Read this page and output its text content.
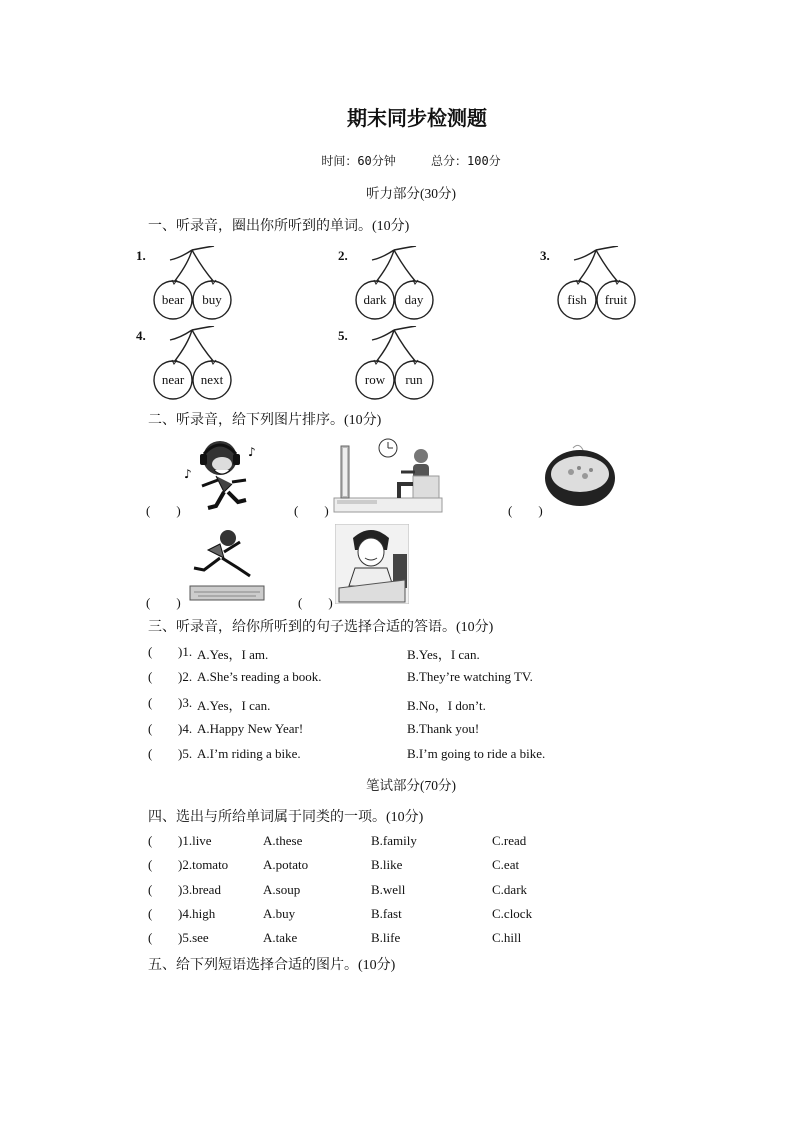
期末同步检测题
时间：60分钟	总分：100分
听力部分(30分)
一、听录音，圈出你所听到的单词。(10分)
1.
bear	buy
2.
dark	day
3.
fish	fruit
4.
near	next
5.
row	run
二、听录音，给下列图片排序。(10分)
♪
♪
(　　)	(　　)	(　　)
(　　)	(　　)
三、听录音，给你所听到的句子选择合适的答语。(10分)
( )1. A.Yes，I am.	B.Yes，I can.
( )2. A.She’s reading a book.	B.They’re watching TV.
( )3. A.Yes，I can.	B.No，I don’t.
( )4. A.Happy New Year!	B.Thank you!
( )5. A.I’m riding a bike.	B.I’m going to ride a bike.
笔试部分(70分)
四、选出与所给单词属于同类的一项。(10分)
( )1.live	A.these	B.family	C.read
( )2.tomato	A.potato	B.like	C.eat
( )3.bread	A.soup	B.well	C.dark
( )4.high	A.buy	B.fast	C.clock
( )5.see	A.take	B.life	C.hill
五、给下列短语选择合适的图片。(10分)
